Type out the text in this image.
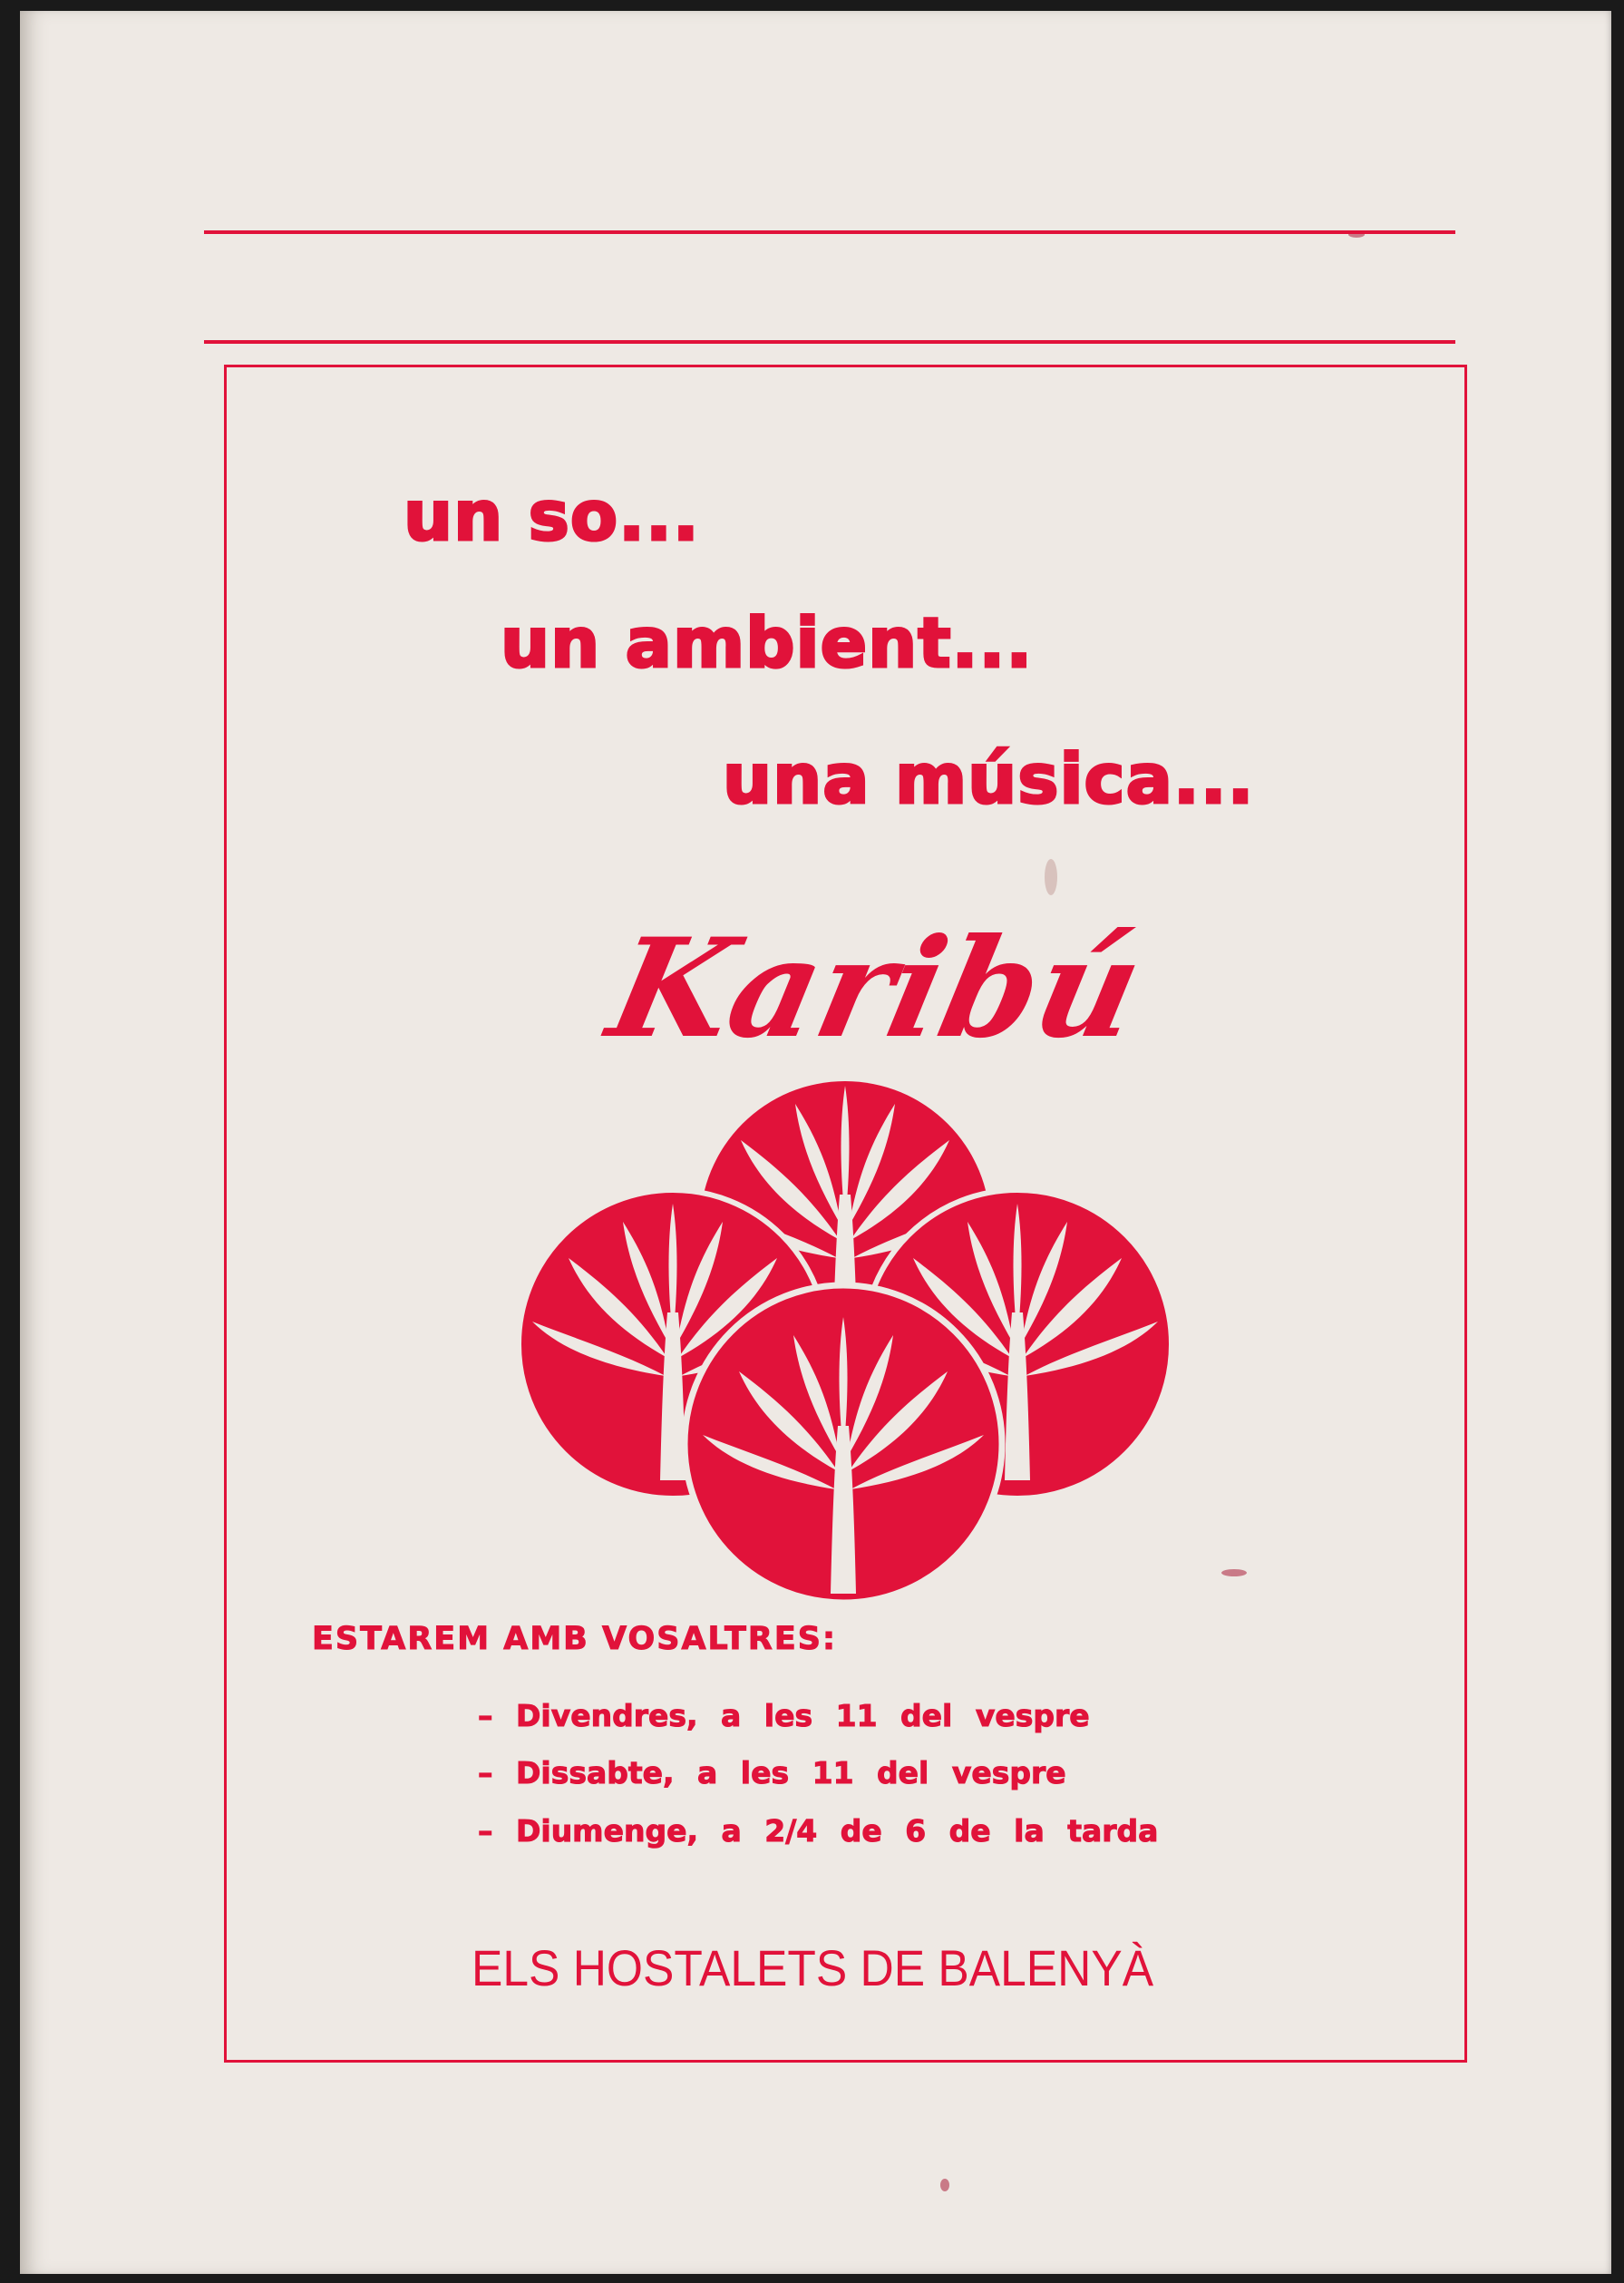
un so...
un ambient...
una música...
Karibú
ESTAREM AMB VOSALTRES:
– Divendres, a les 11 del vespre
– Dissabte, a les 11 del vespre
– Diumenge, a 2/4 de 6 de la tarda
ELS HOSTALETS DE BALENYÀ
